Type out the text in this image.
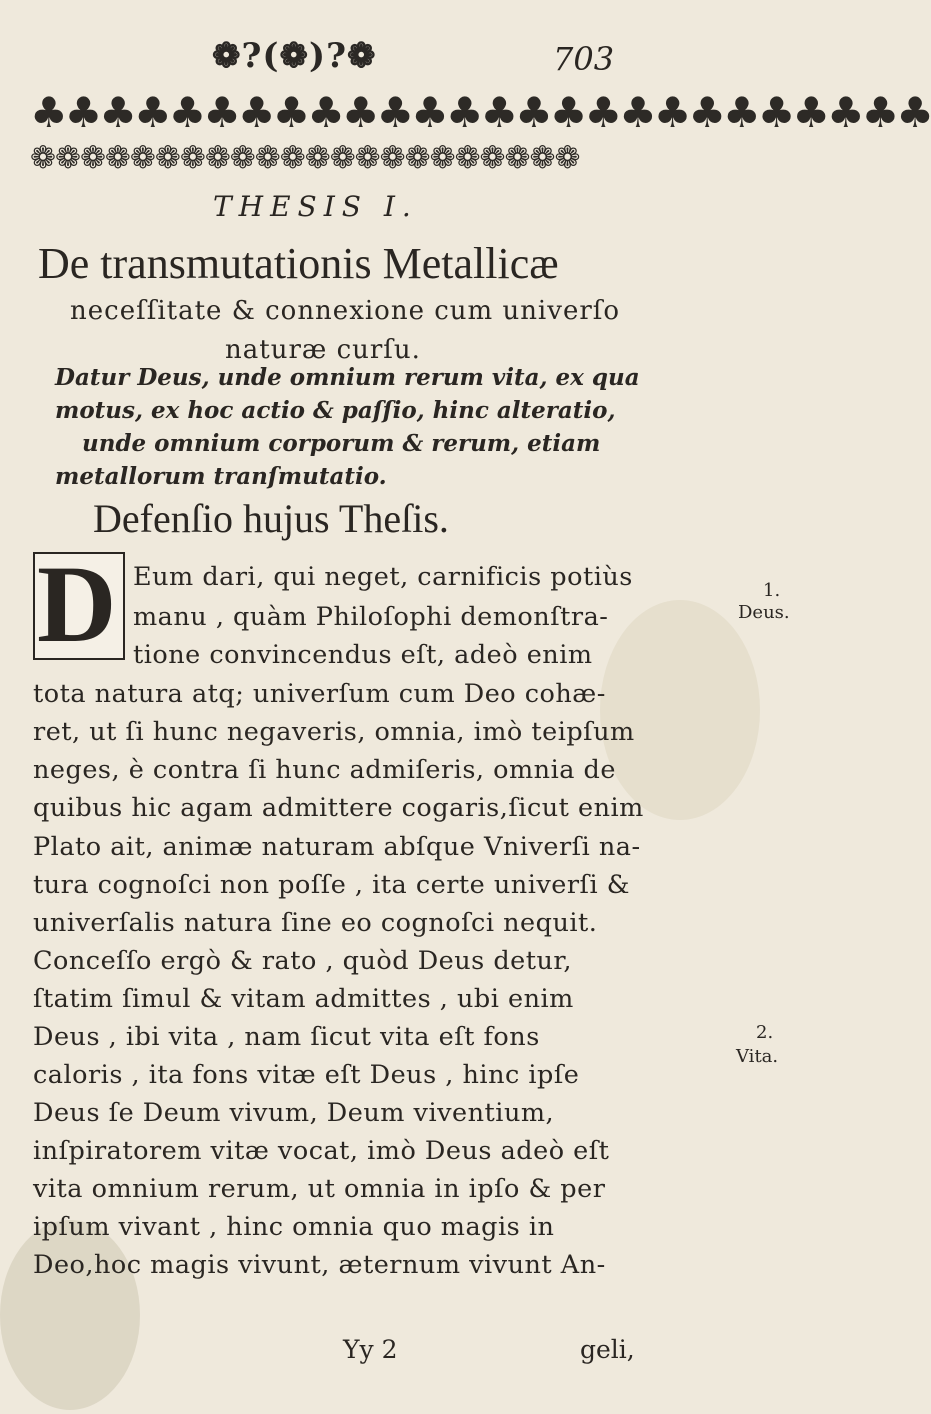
❁?(❁)?❁	703
♣♣♣♣♣♣♣♣♣♣♣♣♣♣♣♣♣♣♣♣♣♣♣♣♣♣
❁❁❁❁❁❁❁❁❁❁❁❁❁❁❁❁❁❁❁❁❁❁
THESIS I.
De transmutationis Metallicæ
neceſſitate & connexione cum univerſo
naturæ curſu.
Datur Deus, unde omnium rerum vita, ex qua
motus, ex hoc actio & paſſio, hinc alteratio,
unde omnium corporum & rerum, etiam
metallorum tranſmutatio.
Defenſio hujus Theſis.
D Eum dari, qui neget, carnificis potiùs
manu , quàm Philoſophi demonſtra-
tione convincendus eſt, adeò enim
tota natura atq; univerſum cum Deo cohæ-
ret, ut ſi hunc negaveris, omnia, imò teipſum
neges, è contra ſi hunc admiſeris, omnia de
quibus hic agam admittere cogaris,ſicut enim
Plato ait, animæ naturam abſque Vniverſi na-
tura cognoſci non poſſe , ita certe univerſi &
univerſalis natura ſine eo cognoſci nequit.
Conceſſo ergò & rato , quòd Deus detur,
ſtatim ſimul & vitam admittes , ubi enim
Deus , ibi vita , nam ſicut vita eſt fons
caloris , ita fons vitæ eſt Deus , hinc ipſe
Deus ſe Deum vivum, Deum viventium,
inſpiratorem vitæ vocat, imò Deus adeò eſt
vita omnium rerum, ut omnia in ipſo & per
ipſum vivant , hinc omnia quo magis in
Deo,hoc magis vivunt, æternum vivunt An-
1.
Deus.
2.
Vita.
Yy 2	geli,
